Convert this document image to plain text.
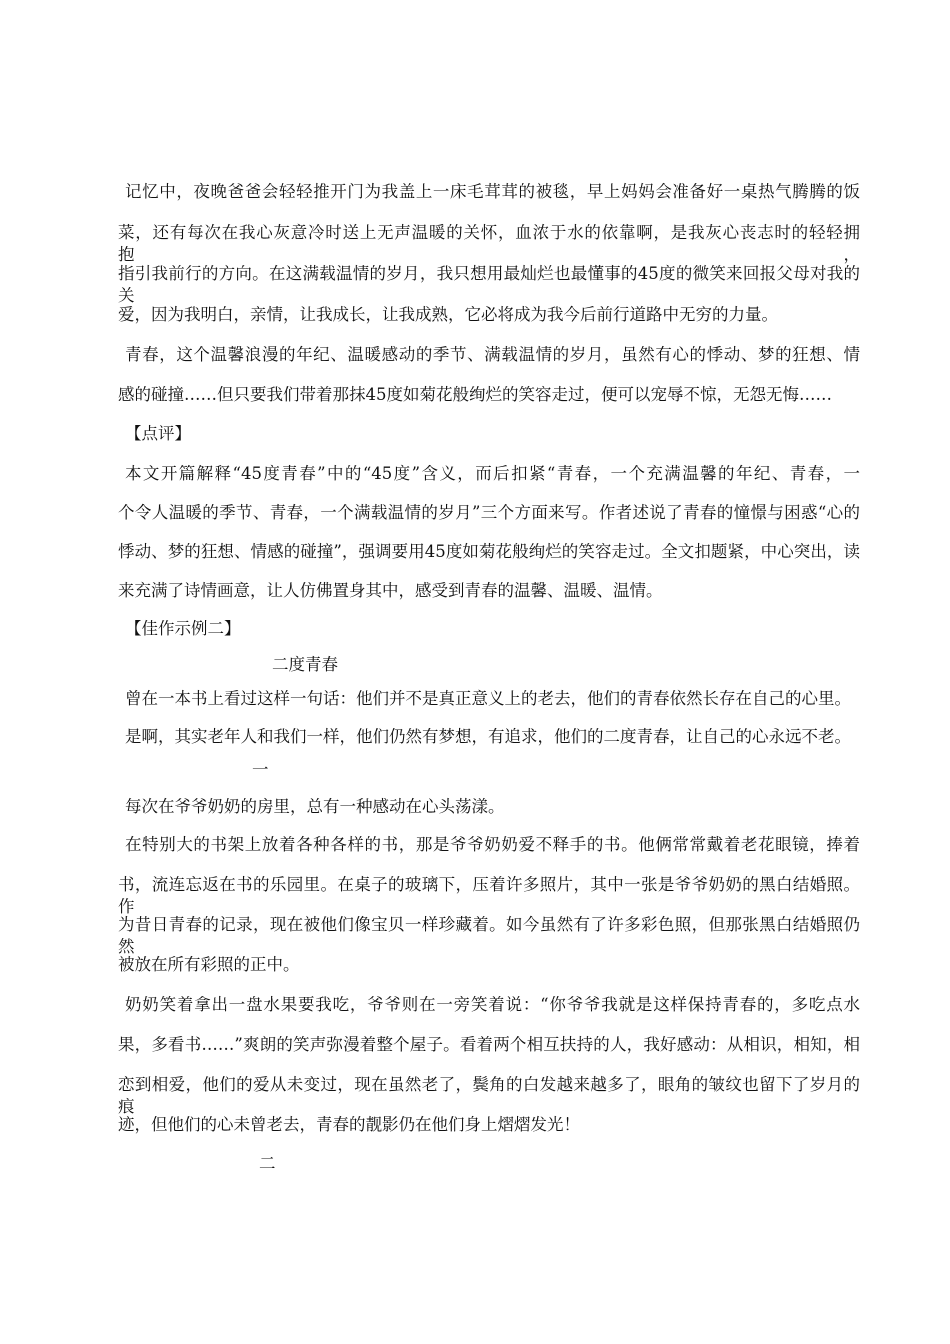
记忆中，夜晚爸爸会轻轻推开门为我盖上一床毛茸茸的被毯，早上妈妈会准备好一桌热气腾腾的饭
菜，还有每次在我心灰意冷时送上无声温暖的关怀，血浓于水的依靠啊，是我灰心丧志时的轻轻拥抱，
指引我前行的方向。在这满载温情的岁月，我只想用最灿烂也最懂事的45度的微笑来回报父母对我的关
爱，因为我明白，亲情，让我成长，让我成熟，它必将成为我今后前行道路中无穷的力量。
青春，这个温馨浪漫的年纪、温暖感动的季节、满载温情的岁月，虽然有心的悸动、梦的狂想、情
感的碰撞……但只要我们带着那抹45度如菊花般绚烂的笑容走过，便可以宠辱不惊，无怨无悔……
【点评】
本文开篇解释“45度青春”中的“45度”含义，而后扣紧“青春，一个充满温馨的年纪、青春，一
个令人温暖的季节、青春，一个满载温情的岁月”三个方面来写。作者述说了青春的憧憬与困惑“心的
悸动、梦的狂想、情感的碰撞”，强调要用45度如菊花般绚烂的笑容走过。全文扣题紧，中心突出，读
来充满了诗情画意，让人仿佛置身其中，感受到青春的温馨、温暖、温情。
【佳作示例二】
二度青春
曾在一本书上看过这样一句话：他们并不是真正意义上的老去，他们的青春依然长存在自己的心里。
是啊，其实老年人和我们一样，他们仍然有梦想，有追求，他们的二度青春，让自己的心永远不老。
一
每次在爷爷奶奶的房里，总有一种感动在心头荡漾。
在特别大的书架上放着各种各样的书，那是爷爷奶奶爱不释手的书。他俩常常戴着老花眼镜，捧着
书，流连忘返在书的乐园里。在桌子的玻璃下，压着许多照片，其中一张是爷爷奶奶的黑白结婚照。作
为昔日青春的记录，现在被他们像宝贝一样珍藏着。如今虽然有了许多彩色照，但那张黑白结婚照仍然
被放在所有彩照的正中。
奶奶笑着拿出一盘水果要我吃，爷爷则在一旁笑着说：“你爷爷我就是这样保持青春的，多吃点水
果，多看书……”爽朗的笑声弥漫着整个屋子。看着两个相互扶持的人，我好感动：从相识，相知，相
恋到相爱，他们的爱从未变过，现在虽然老了，鬓角的白发越来越多了，眼角的皱纹也留下了岁月的痕
迹，但他们的心未曾老去，青春的靓影仍在他们身上熠熠发光！
二
